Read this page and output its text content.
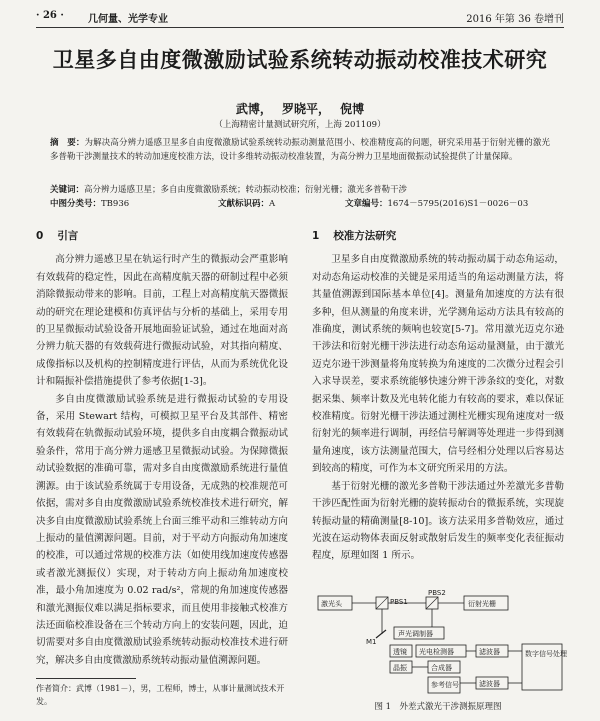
· 26 · 几何量、光学专业	2016 年第 36 卷增刊
卫星多自由度微激励试验系统转动振动校准技术研究
武博， 罗晓平， 倪博
（上海精密计量测试研究所，上海 201109）
摘　要：为解决高分辨力遥感卫星多自由度微激励试验系统转动振动测量范围小、校准精度高的问题，研究采用基于衍射光栅的激光多普勒干涉测量技术的转动加速度校准方法，设计多维转动振动校准装置，为高分辨力卫星地面微振动试验提供了计量保障。
关键词：高分辨力遥感卫星；多自由度微激励系统；转动振动校准；衍射光栅；激光多普勒干涉
中图分类号：TB936	文献标识码：A	文章编号：1674－5795(2016)S1－0026－03
0 引言

高分辨力遥感卫星在轨运行时产生的微振动会严重影响有效载荷的稳定性，因此在高精度航天器的研制过程中必须消除微振动带来的影响。目前，工程上对高精度航天器微振动的研究在理论建模和仿真评估与分析的基础上，采用专用的卫星微振动试验设备开展地面验证试验，通过在地面对高分辨力航天器的有效载荷进行微振动试验，对其指向精度、成像指标以及机构的控制精度进行评估，从而为系统优化设计和隔振补偿措施提供了参考依据[1-3]。

多自由度微激励试验系统是进行微振动试验的专用设备，采用 Stewart 结构，可模拟卫星平台及其部件、精密有效载荷在轨微振动试验环境，提供多自由度耦合微振动试验条件，常用于高分辨力遥感卫星微振动试验。为保障微振动试验数据的准确可靠，需对多自由度微激励系统进行量值溯源。由于该试验系统属于专用设备，无成熟的校准规范可依据，需对多自由度微激励试验系统校准技术进行研究，解决多自由度微激励试验系统上台面三维平动和三维转动方向上振动的量值溯源问题。目前，对于平动方向振动角加速度的校准，可以通过常规的校准方法（如使用线加速度传感器或者激光测振仪）实现，对于转动方向上振动角加速度校准，最小角加速度为 0.02 rad/s²，常规的角加速度传感器和激光测振仪难以满足指标要求，而且使用非接触式校准方法还面临校准设备在三个转动方向上的安装问题，因此，迫切需要对多自由度微激励试验系统转动振动校准技术进行研究，解决多自由度微激励系统转动振动量值溯源问题。

1 校准方法研究

卫星多自由度微激励系统的转动振动属于动态角运动，对动态角运动校准的关键是采用适当的角运动测量方法，将其量值溯源到国际基本单位[4]。测量角加速度的方法有很多种，但从测量的角度来讲，光学测角运动方法具有较高的准确度，测试系统的频响也较宽[5-7]。常用激光迈克尔逊干涉法和衍射光栅干涉法进行动态角运动量测量，由于激光迈克尔逊干涉测量将角度转换为角速度的二次微分过程会引入求导误差，要求系统能够快速分辨干涉条纹的变化，对数据采集、频率计数及光电转化能力有较高的要求，难以保证校准精度。衍射光栅干涉法通过测柱光栅实现角速度对一级衍射光的频率进行调制，再经信号解调等处理进一步得到测量角速度，该方法测量范围大，信号经相分处理以后容易达到较高的精度，可作为本文研究所采用的方法。

基于衍射光栅的激光多普勒干涉法通过外差激光多普勒干涉匹配性面为衍射光栅的旋转振动台的微振系统，实现旋转振动量的精确测量[8-10]。该方法采用多普勒效应，通过光波在运动物体表面反射或散射后发生的频率变化表征振动程度，原理如图 1 所示。

作者简介：武博（1981－），男，工程师，博士，从事计量测试技术开发。
激光头	PBS1
PBS2
衍射光栅
M1
声光调制器
透镜 光电检测器	滤波器
晶振	合成器
参考信号	滤波器
数字信号处理
图 1　外差式激光干涉测振原理图
